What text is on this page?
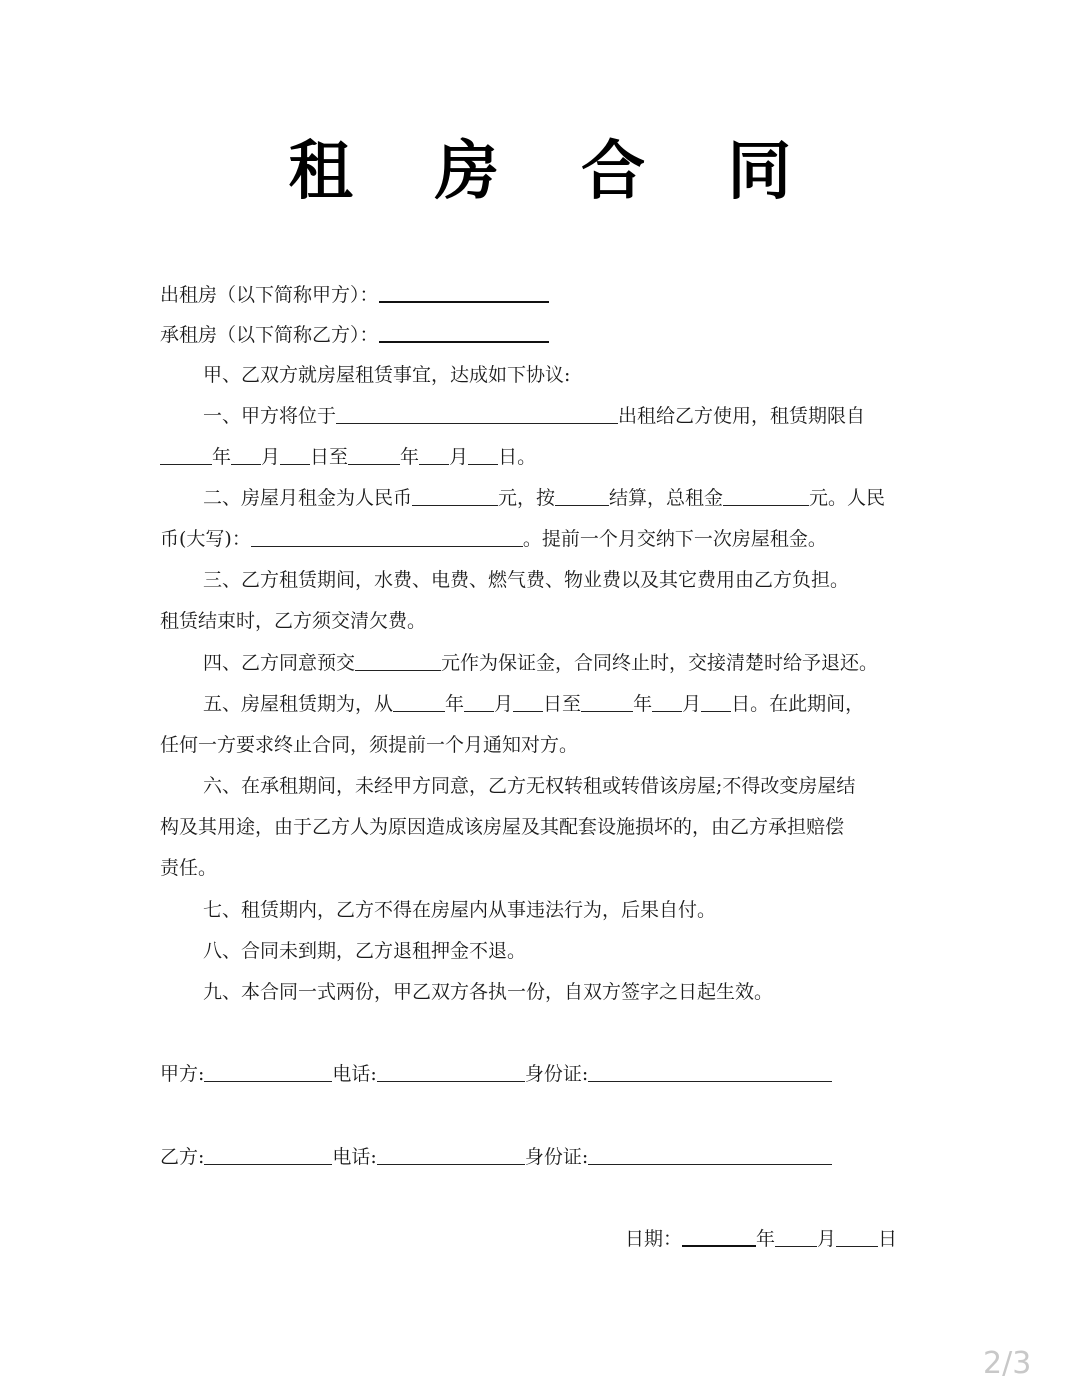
租 房 合 同
出租房（以下简称甲方）：
承租房（以下简称乙方）：
甲、乙双方就房屋租赁事宜，达成如下协议:
一、甲方将位于	出租给乙方使用，租赁期限自
年 月 日至	年 月 日。
二、房屋月租金为人民币	元，按	结算，总租金	元。人民
币(大写)：	。提前一个月交纳下一次房屋租金。
三、乙方租赁期间，水费、电费、燃气费、物业费以及其它费用由乙方负担。
租赁结束时，乙方须交清欠费。
四、乙方同意预交	元作为保证金，合同终止时，交接清楚时给予退还。
五、房屋租赁期为，从	年 月 日至	年 月 日。在此期间，
任何一方要求终止合同，须提前一个月通知对方。
六、在承租期间，未经甲方同意，乙方无权转租或转借该房屋;不得改变房屋结
构及其用途，由于乙方人为原因造成该房屋及其配套设施损坏的，由乙方承担赔偿
责任。
七、租赁期内，乙方不得在房屋内从事违法行为，后果自付。
八、合同未到期，乙方退租押金不退。
九、本合同一式两份，甲乙双方各执一份，自双方签字之日起生效。
甲方:	电话:	身份证:
乙方:	电话:	身份证:
日期：	年 月 日
2/3
